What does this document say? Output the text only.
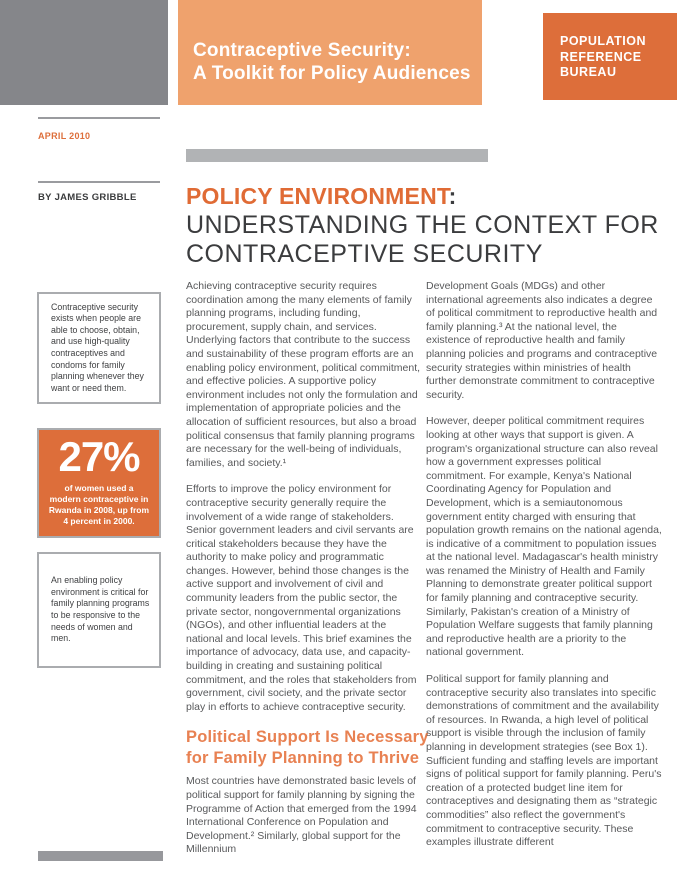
Contraceptive Security:
A Toolkit for Policy Audiences
POPULATION
REFERENCE
BUREAU
APRIL 2010
BY JAMES GRIBBLE POLICY ENVIRONMENT:
UNDERSTANDING THE CONTEXT FOR
CONTRACEPTIVE SECURITY
Contraceptive security exists when people are able to choose, obtain, and use high-quality contraceptives and condoms for family planning whenever they want or need them.
27%
of women used a modern contraceptive in Rwanda in 2008, up from 4 percent in 2000.
An enabling policy environment is critical for family planning programs to be responsive to the needs of women and men.

Achieving contraceptive security requires coordination among the many elements of family planning programs, including funding, procurement, supply chain, and services. Underlying factors that contribute to the success and sustainability of these program efforts are an enabling policy environment, political commitment, and effective policies. A supportive policy environment includes not only the formulation and implementation of appropriate policies and the allocation of sufficient resources, but also a broad political consensus that family planning programs are necessary for the well-being of individuals, families, and society.¹

Efforts to improve the policy environment for contraceptive security generally require the involvement of a wide range of stakeholders. Senior government leaders and civil servants are critical stakeholders because they have the authority to make policy and programmatic changes. However, behind those changes is the active support and involvement of civil and community leaders from the public sector, the private sector, nongovernmental organizations (NGOs), and other influential leaders at the national and local levels. This brief examines the importance of advocacy, data use, and capacity-building in creating and sustaining political commitment, and the roles that stakeholders from government, civil society, and the private sector play in efforts to achieve contraceptive security.

Political Support Is Necessary
for Family Planning to Thrive

Most countries have demonstrated basic levels of political support for family planning by signing the Programme of Action that emerged from the 1994 International Conference on Population and Development.² Similarly, global support for the Millennium

Development Goals (MDGs) and other international agreements also indicates a degree of political commitment to reproductive health and family planning.³ At the national level, the existence of reproductive health and family planning policies and programs and contraceptive security strategies within ministries of health further demonstrate commitment to contraceptive security.

However, deeper political commitment requires looking at other ways that support is given. A program's organizational structure can also reveal how a government expresses political commitment. For example, Kenya's National Coordinating Agency for Population and Development, which is a semiautonomous government entity charged with ensuring that population growth remains on the national agenda, is indicative of a commitment to population issues at the national level. Madagascar's health ministry was renamed the Ministry of Health and Family Planning to demonstrate greater political support for family planning and contraceptive security. Similarly, Pakistan's creation of a Ministry of Population Welfare suggests that family planning and reproductive health are a priority to the national government.

Political support for family planning and contraceptive security also translates into specific demonstrations of commitment and the availability of resources. In Rwanda, a high level of political support is visible through the inclusion of family planning in development strategies (see Box 1). Sufficient funding and staffing levels are important signs of political support for family planning. Peru's creation of a protected budget line item for contraceptives and designating them as “strategic commodities” also reflect the government's commitment to contraceptive security. These examples illustrate different
